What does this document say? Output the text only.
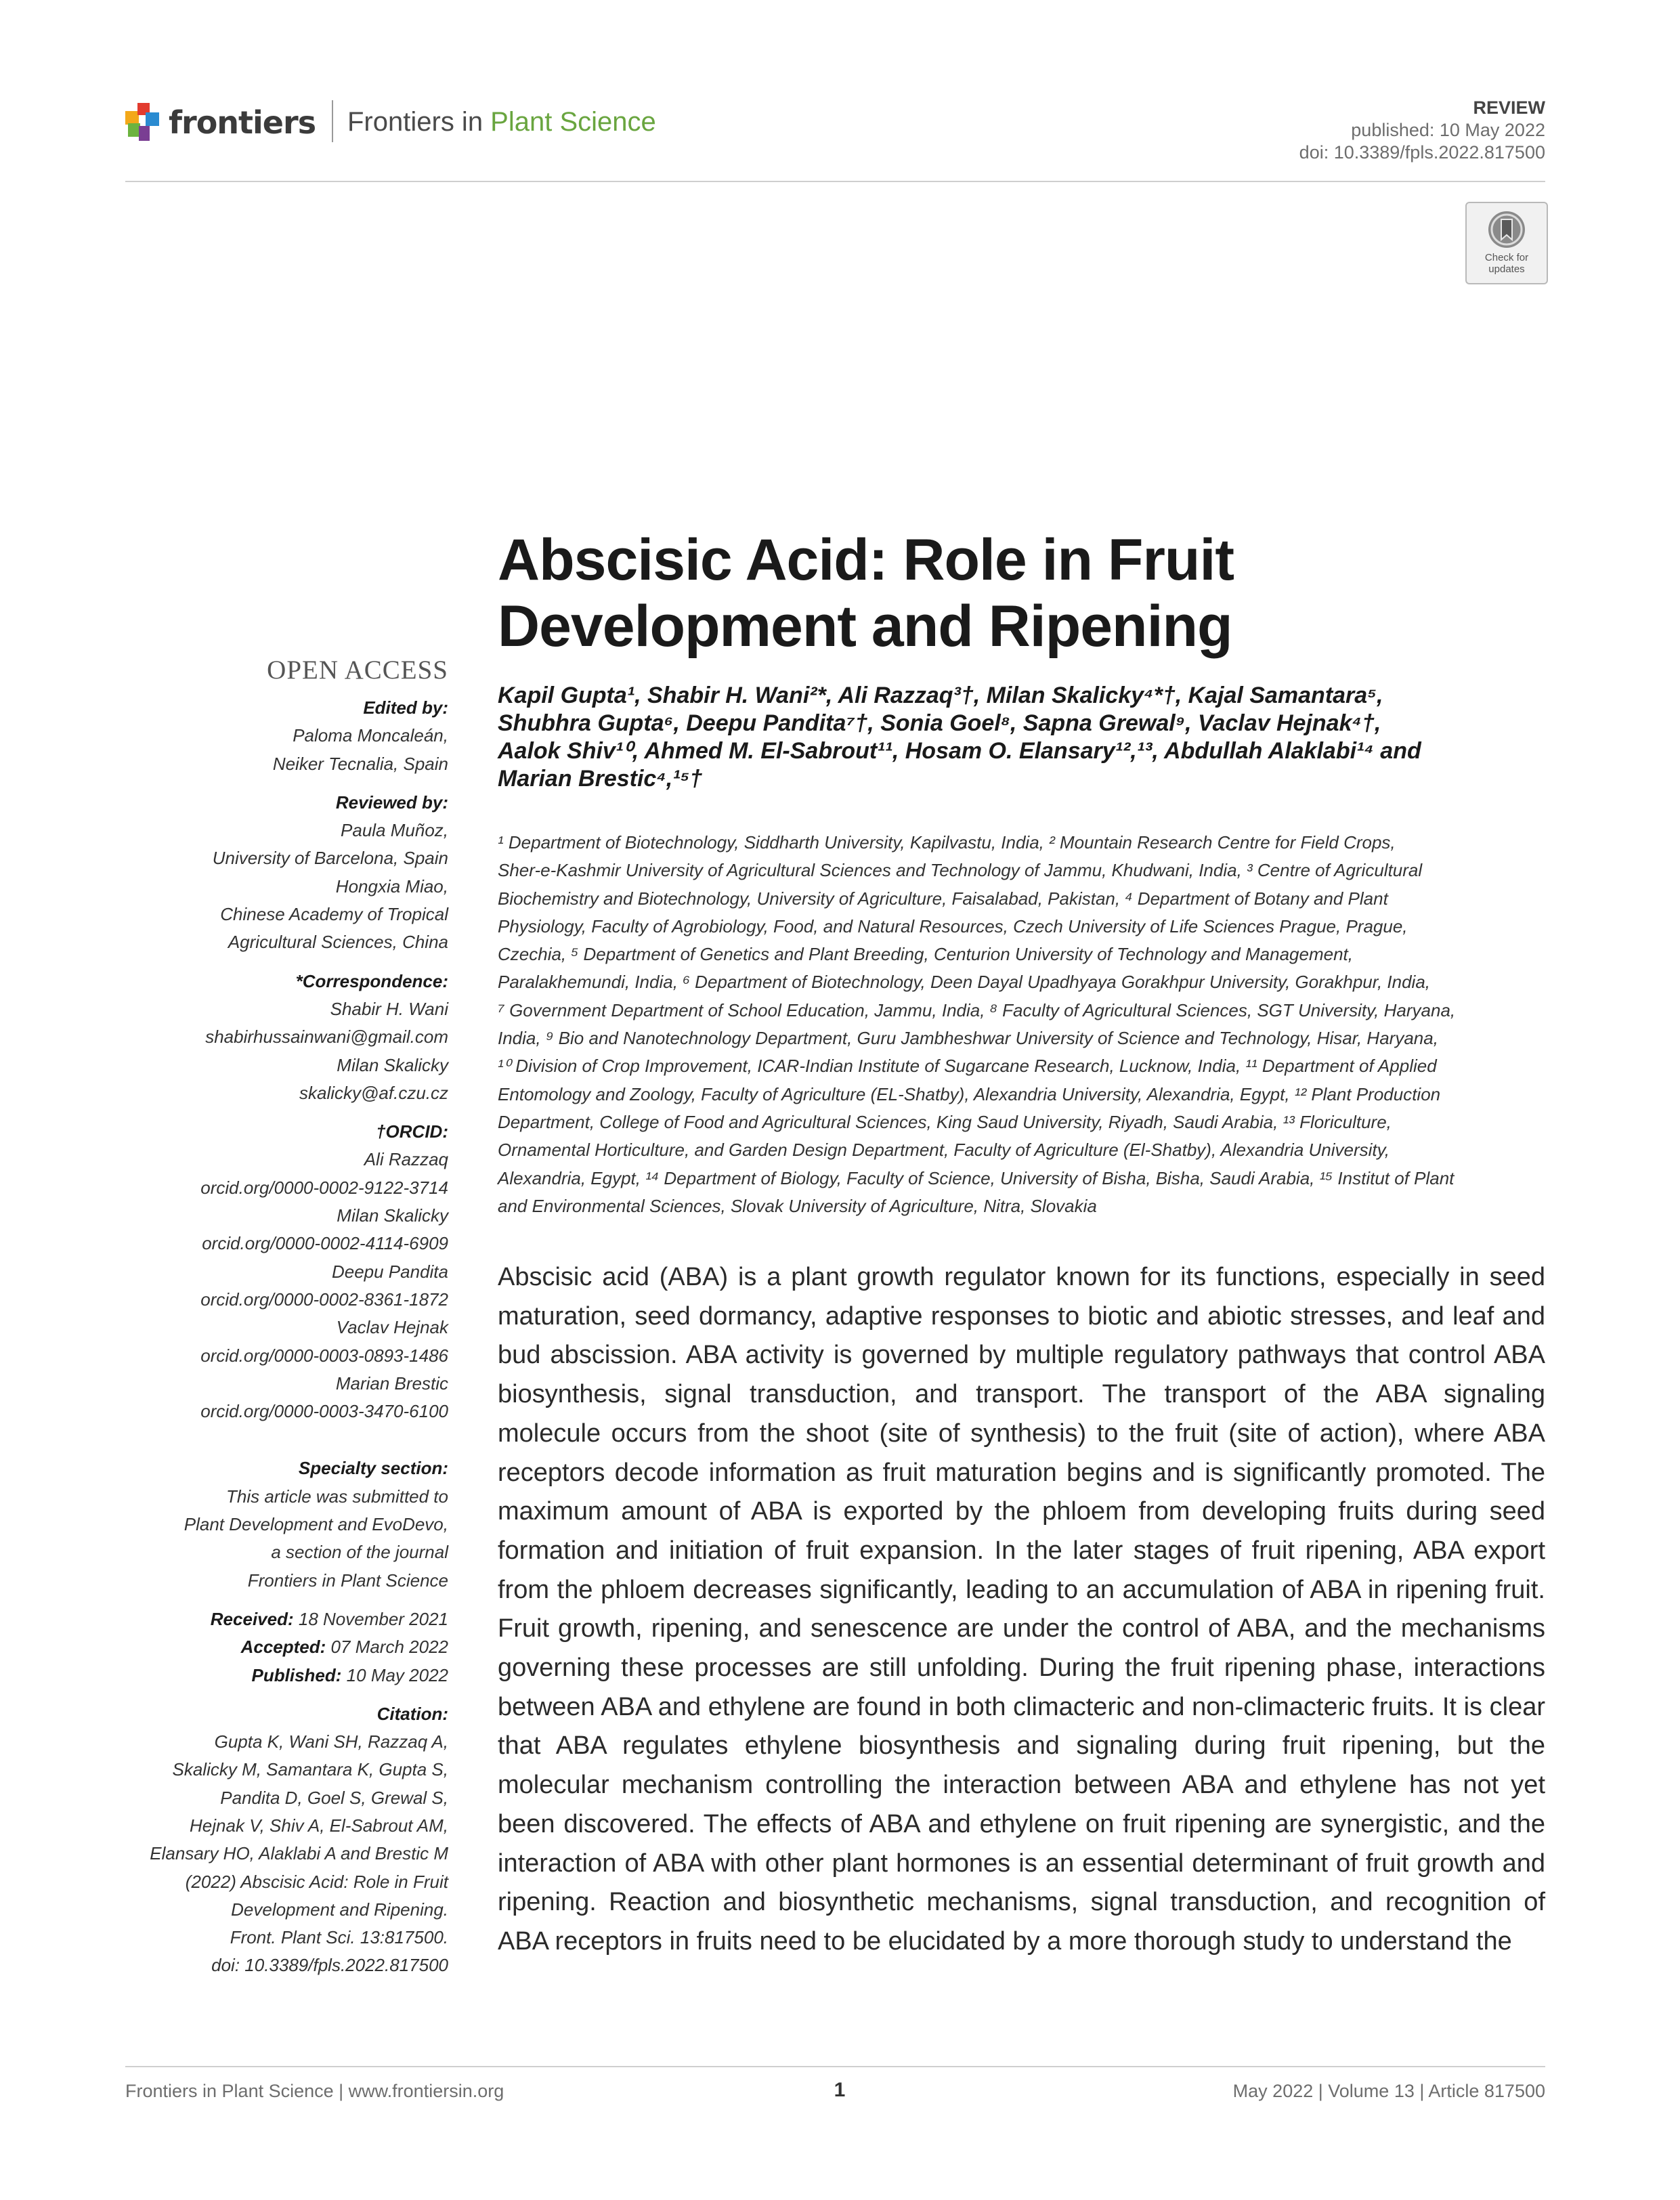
frontiers Frontiers in Plant Science	REVIEW
published: 10 May 2022
doi: 10.3389/fpls.2022.817500
Check for updates
Abscisic Acid: Role in Fruit
Development and Ripening
Kapil Gupta¹, Shabir H. Wani²*, Ali Razzaq³†, Milan Skalicky⁴*†, Kajal Samantara⁵,
Shubhra Gupta⁶, Deepu Pandita⁷†, Sonia Goel⁸, Sapna Grewal⁹, Vaclav Hejnak⁴†,
Aalok Shiv¹⁰, Ahmed M. El-Sabrout¹¹, Hosam O. Elansary¹²,¹³, Abdullah Alaklabi¹⁴ and
Marian Brestic⁴,¹⁵†
¹ Department of Biotechnology, Siddharth University, Kapilvastu, India, ² Mountain Research Centre for Field Crops,
Sher-e-Kashmir University of Agricultural Sciences and Technology of Jammu, Khudwani, India, ³ Centre of Agricultural
Biochemistry and Biotechnology, University of Agriculture, Faisalabad, Pakistan, ⁴ Department of Botany and Plant
Physiology, Faculty of Agrobiology, Food, and Natural Resources, Czech University of Life Sciences Prague, Prague,
Czechia, ⁵ Department of Genetics and Plant Breeding, Centurion University of Technology and Management,
Paralakhemundi, India, ⁶ Department of Biotechnology, Deen Dayal Upadhyaya Gorakhpur University, Gorakhpur, India,
⁷ Government Department of School Education, Jammu, India, ⁸ Faculty of Agricultural Sciences, SGT University, Haryana,
India, ⁹ Bio and Nanotechnology Department, Guru Jambheshwar University of Science and Technology, Hisar, Haryana,
¹⁰ Division of Crop Improvement, ICAR-Indian Institute of Sugarcane Research, Lucknow, India, ¹¹ Department of Applied
Entomology and Zoology, Faculty of Agriculture (EL-Shatby), Alexandria University, Alexandria, Egypt, ¹² Plant Production
Department, College of Food and Agricultural Sciences, King Saud University, Riyadh, Saudi Arabia, ¹³ Floriculture,
Ornamental Horticulture, and Garden Design Department, Faculty of Agriculture (El-Shatby), Alexandria University,
Alexandria, Egypt, ¹⁴ Department of Biology, Faculty of Science, University of Bisha, Bisha, Saudi Arabia, ¹⁵ Institut of Plant
and Environmental Sciences, Slovak University of Agriculture, Nitra, Slovakia
OPEN ACCESS
Edited by:
Paloma Moncaleán,
Neiker Tecnalia, Spain
Reviewed by:
Paula Muñoz,
University of Barcelona, Spain
Hongxia Miao,
Chinese Academy of Tropical
Agricultural Sciences, China
*Correspondence:
Shabir H. Wani
shabirhussainwani@gmail.com
Milan Skalicky
skalicky@af.czu.cz
†ORCID:
Ali Razzaq
orcid.org/0000-0002-9122-3714
Milan Skalicky
orcid.org/0000-0002-4114-6909
Deepu Pandita
orcid.org/0000-0002-8361-1872
Vaclav Hejnak
orcid.org/0000-0003-0893-1486
Marian Brestic
orcid.org/0000-0003-3470-6100
Specialty section:
This article was submitted to
Plant Development and EvoDevo,
a section of the journal
Frontiers in Plant Science
Received: 18 November 2021
Accepted: 07 March 2022
Published: 10 May 2022
Citation:
Gupta K, Wani SH, Razzaq A,
Skalicky M, Samantara K, Gupta S,
Pandita D, Goel S, Grewal S,
Hejnak V, Shiv A, El-Sabrout AM,
Elansary HO, Alaklabi A and Brestic M
(2022) Abscisic Acid: Role in Fruit
Development and Ripening.
Front. Plant Sci. 13:817500.
doi: 10.3389/fpls.2022.817500
Abscisic acid (ABA) is a plant growth regulator known for its functions, especially in seed maturation, seed dormancy, adaptive responses to biotic and abiotic stresses, and leaf and bud abscission. ABA activity is governed by multiple regulatory pathways that control ABA biosynthesis, signal transduction, and transport. The transport of the ABA signaling molecule occurs from the shoot (site of synthesis) to the fruit (site of action), where ABA receptors decode information as fruit maturation begins and is significantly promoted. The maximum amount of ABA is exported by the phloem from developing fruits during seed formation and initiation of fruit expansion. In the later stages of fruit ripening, ABA export from the phloem decreases significantly, leading to an accumulation of ABA in ripening fruit. Fruit growth, ripening, and senescence are under the control of ABA, and the mechanisms governing these processes are still unfolding. During the fruit ripening phase, interactions between ABA and ethylene are found in both climacteric and non-climacteric fruits. It is clear that ABA regulates ethylene biosynthesis and signaling during fruit ripening, but the molecular mechanism controlling the interaction between ABA and ethylene has not yet been discovered. The effects of ABA and ethylene on fruit ripening are synergistic, and the interaction of ABA with other plant hormones is an essential determinant of fruit growth and ripening. Reaction and biosynthetic mechanisms, signal transduction, and recognition of ABA receptors in fruits need to be elucidated by a more thorough study to understand the
Frontiers in Plant Science | www.frontiersin.org	1	May 2022 | Volume 13 | Article 817500
